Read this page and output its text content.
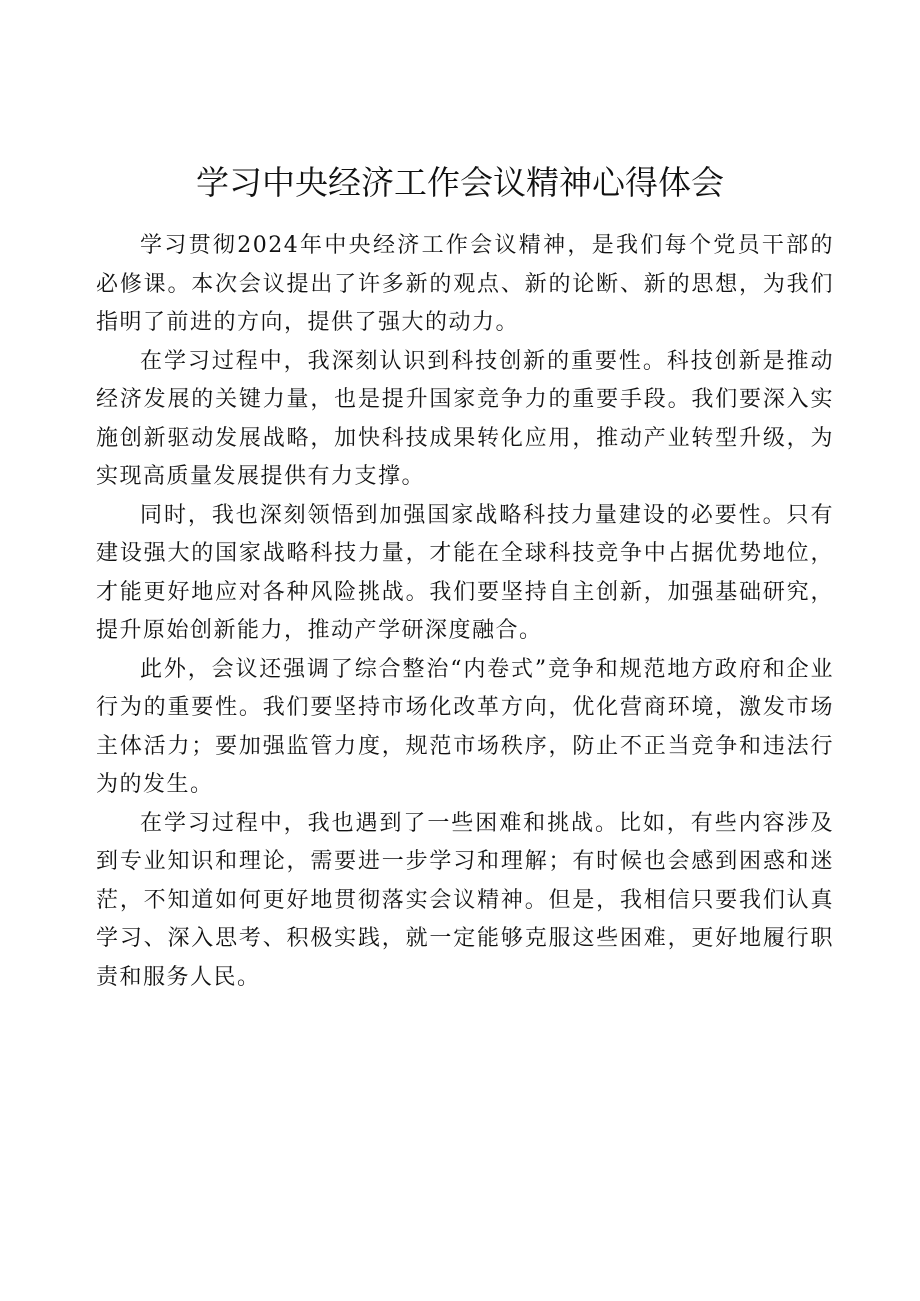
学习中央经济工作会议精神心得体会

学习贯彻2024年中央经济工作会议精神，是我们每个党员干部的必修课。本次会议提出了许多新的观点、新的论断、新的思想，为我们指明了前进的方向，提供了强大的动力。

在学习过程中，我深刻认识到科技创新的重要性。科技创新是推动经济发展的关键力量，也是提升国家竞争力的重要手段。我们要深入实施创新驱动发展战略，加快科技成果转化应用，推动产业转型升级，为实现高质量发展提供有力支撑。

同时，我也深刻领悟到加强国家战略科技力量建设的必要性。只有建设强大的国家战略科技力量，才能在全球科技竞争中占据优势地位，才能更好地应对各种风险挑战。我们要坚持自主创新，加强基础研究，提升原始创新能力，推动产学研深度融合。

此外，会议还强调了综合整治“内卷式”竞争和规范地方政府和企业行为的重要性。我们要坚持市场化改革方向，优化营商环境，激发市场主体活力；要加强监管力度，规范市场秩序，防止不正当竞争和违法行为的发生。

在学习过程中，我也遇到了一些困难和挑战。比如，有些内容涉及到专业知识和理论，需要进一步学习和理解；有时候也会感到困惑和迷茫，不知道如何更好地贯彻落实会议精神。但是，我相信只要我们认真学习、深入思考、积极实践，就一定能够克服这些困难，更好地履行职责和服务人民。
